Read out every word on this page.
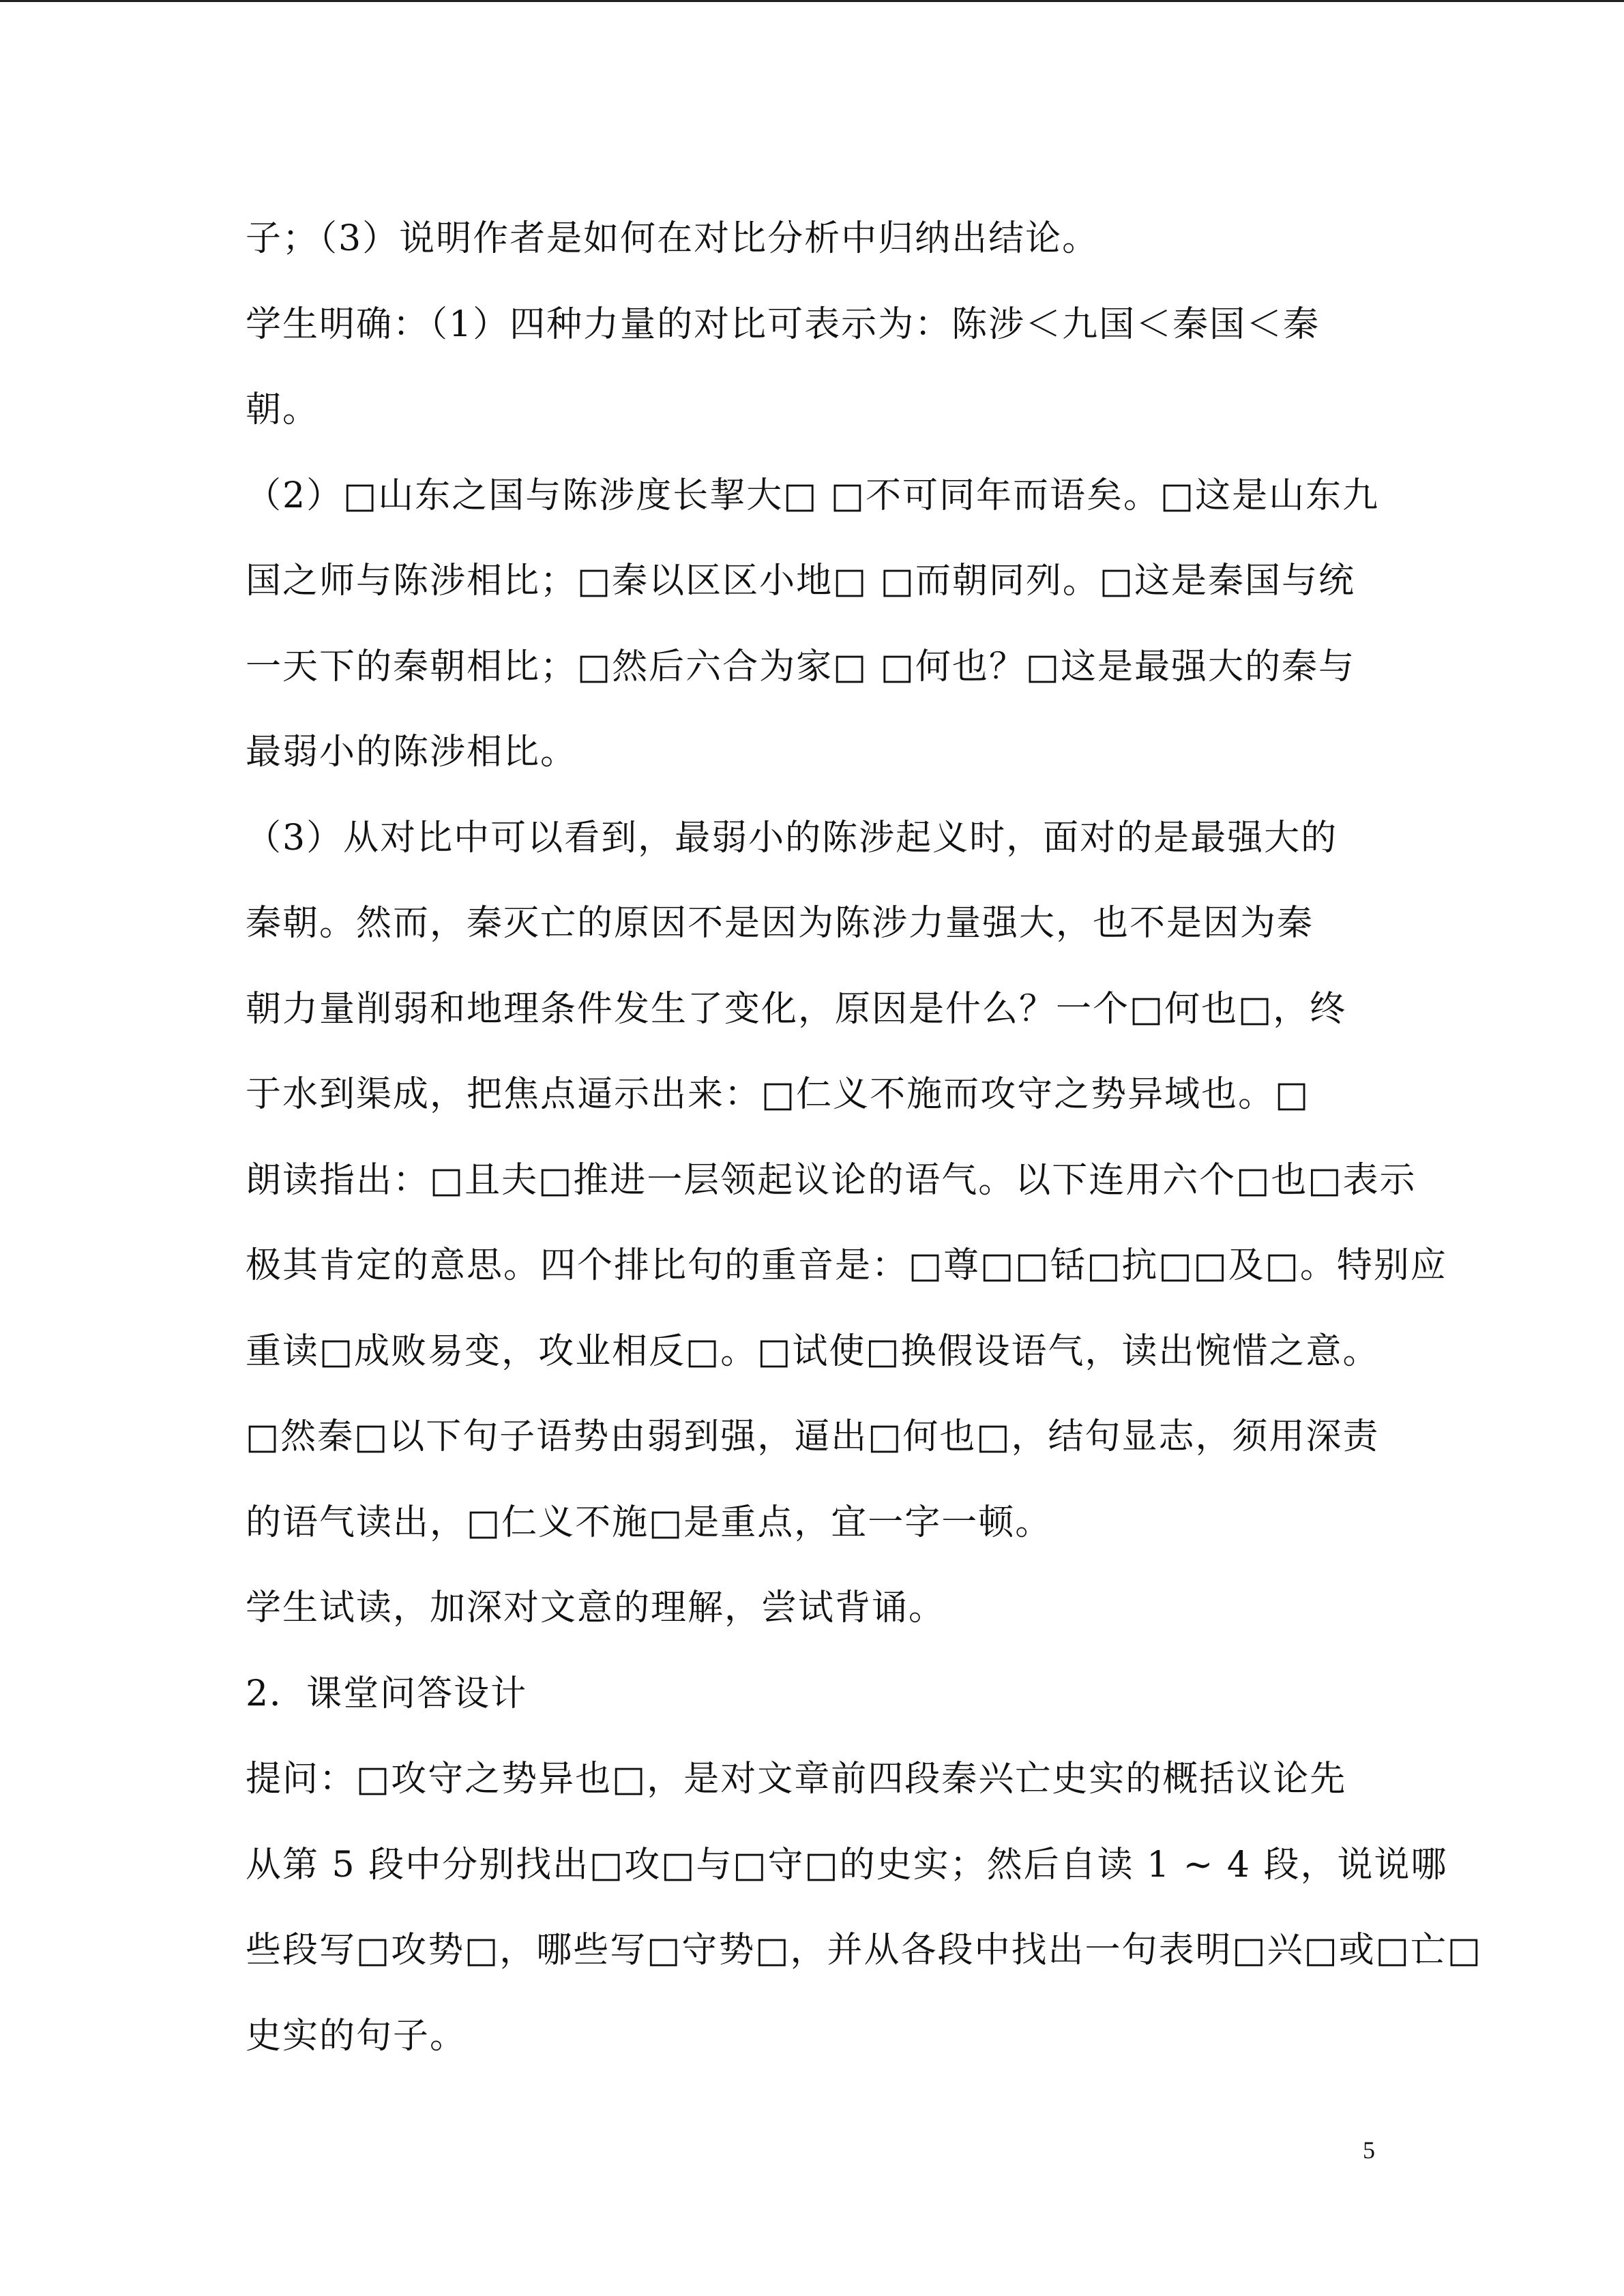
子；（3）说明作者是如何在对比分析中归纳出结论。
学生明确：（1）四种力量的对比可表示为：陈涉＜九国＜秦国＜秦
朝。
（2）□山东之国与陈涉度长挈大□ □不可同年而语矣。□这是山东九
国之师与陈涉相比；□秦以区区小地□ □而朝同列。□这是秦国与统
一天下的秦朝相比；□然后六合为家□ □何也？□这是最强大的秦与
最弱小的陈涉相比。
（3）从对比中可以看到，最弱小的陈涉起义时，面对的是最强大的
秦朝。然而，秦灭亡的原因不是因为陈涉力量强大，也不是因为秦
朝力量削弱和地理条件发生了变化，原因是什么？一个□何也□，终
于水到渠成，把焦点逼示出来：□仁义不施而攻守之势异域也。□
朗读指出：□且夫□推进一层领起议论的语气。以下连用六个□也□表示
极其肯定的意思。四个排比句的重音是：□尊□□铦□抗□□及□。特别应
重读□成败易变，攻业相反□。□试使□换假设语气，读出惋惜之意。
□然秦□以下句子语势由弱到强，逼出□何也□，结句显志，须用深责
的语气读出，□仁义不施□是重点，宜一字一顿。
学生试读，加深对文意的理解，尝试背诵。
2．课堂问答设计
提问：□攻守之势异也□，是对文章前四段秦兴亡史实的概括议论先
从第 5 段中分别找出□攻□与□守□的史实；然后自读 1 ~ 4 段，说说哪
些段写□攻势□，哪些写□守势□，并从各段中找出一句表明□兴□或□亡□
史实的句子。
5
